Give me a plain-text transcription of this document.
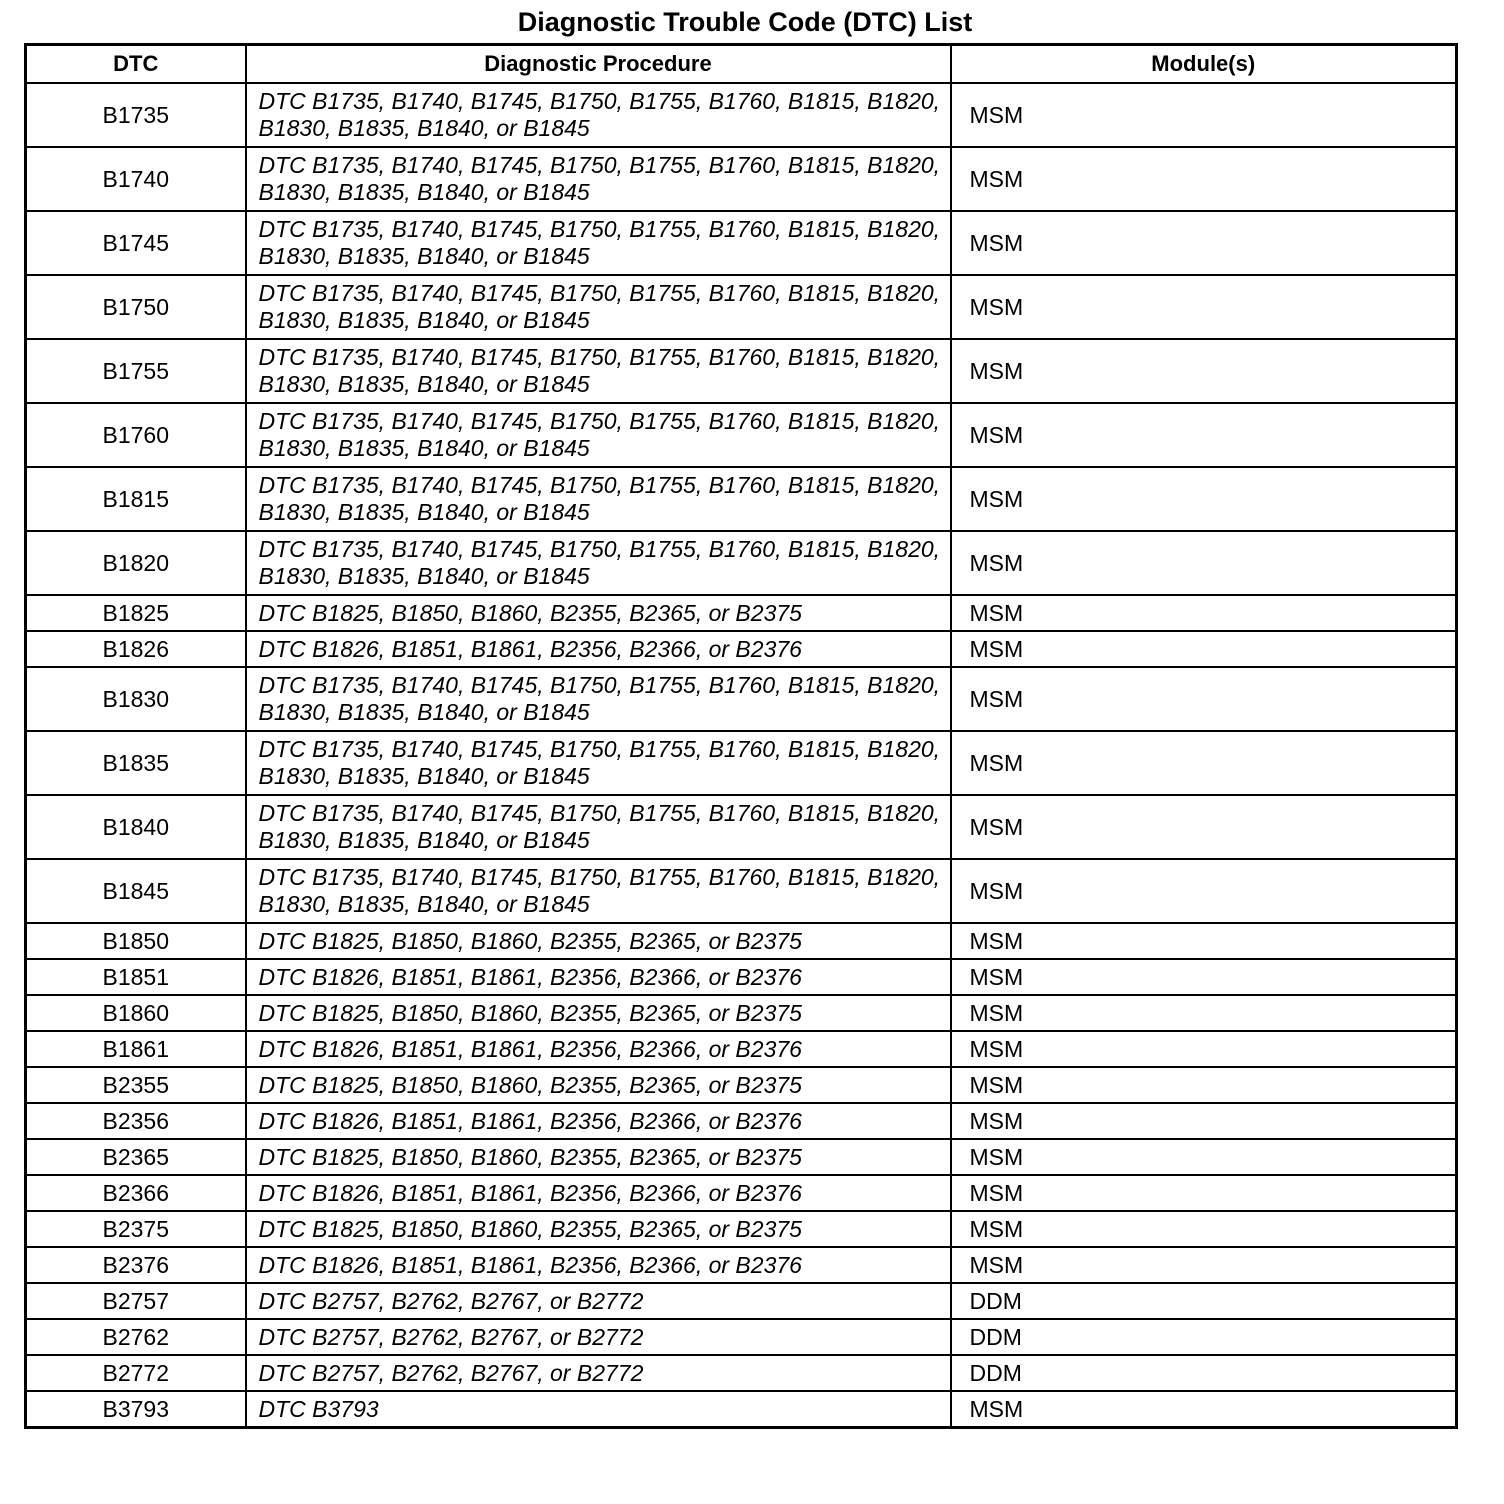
Diagnostic Trouble Code (DTC) List
DTC	Diagnostic Procedure	Module(s)
B1735	DTC B1735, B1740, B1745, B1750, B1755, B1760, B1815, B1820, B1830, B1835, B1840, or B1845	MSM
B1740	DTC B1735, B1740, B1745, B1750, B1755, B1760, B1815, B1820, B1830, B1835, B1840, or B1845	MSM
B1745	DTC B1735, B1740, B1745, B1750, B1755, B1760, B1815, B1820, B1830, B1835, B1840, or B1845	MSM
B1750	DTC B1735, B1740, B1745, B1750, B1755, B1760, B1815, B1820, B1830, B1835, B1840, or B1845	MSM
B1755	DTC B1735, B1740, B1745, B1750, B1755, B1760, B1815, B1820, B1830, B1835, B1840, or B1845	MSM
B1760	DTC B1735, B1740, B1745, B1750, B1755, B1760, B1815, B1820, B1830, B1835, B1840, or B1845	MSM
B1815	DTC B1735, B1740, B1745, B1750, B1755, B1760, B1815, B1820, B1830, B1835, B1840, or B1845	MSM
B1820	DTC B1735, B1740, B1745, B1750, B1755, B1760, B1815, B1820, B1830, B1835, B1840, or B1845	MSM
B1825	DTC B1825, B1850, B1860, B2355, B2365, or B2375	MSM
B1826	DTC B1826, B1851, B1861, B2356, B2366, or B2376	MSM
B1830	DTC B1735, B1740, B1745, B1750, B1755, B1760, B1815, B1820, B1830, B1835, B1840, or B1845	MSM
B1835	DTC B1735, B1740, B1745, B1750, B1755, B1760, B1815, B1820, B1830, B1835, B1840, or B1845	MSM
B1840	DTC B1735, B1740, B1745, B1750, B1755, B1760, B1815, B1820, B1830, B1835, B1840, or B1845	MSM
B1845	DTC B1735, B1740, B1745, B1750, B1755, B1760, B1815, B1820, B1830, B1835, B1840, or B1845	MSM
B1850	DTC B1825, B1850, B1860, B2355, B2365, or B2375	MSM
B1851	DTC B1826, B1851, B1861, B2356, B2366, or B2376	MSM
B1860	DTC B1825, B1850, B1860, B2355, B2365, or B2375	MSM
B1861	DTC B1826, B1851, B1861, B2356, B2366, or B2376	MSM
B2355	DTC B1825, B1850, B1860, B2355, B2365, or B2375	MSM
B2356	DTC B1826, B1851, B1861, B2356, B2366, or B2376	MSM
B2365	DTC B1825, B1850, B1860, B2355, B2365, or B2375	MSM
B2366	DTC B1826, B1851, B1861, B2356, B2366, or B2376	MSM
B2375	DTC B1825, B1850, B1860, B2355, B2365, or B2375	MSM
B2376	DTC B1826, B1851, B1861, B2356, B2366, or B2376	MSM
B2757	DTC B2757, B2762, B2767, or B2772	DDM
B2762	DTC B2757, B2762, B2767, or B2772	DDM
B2772	DTC B2757, B2762, B2767, or B2772	DDM
B3793	DTC B3793	MSM
